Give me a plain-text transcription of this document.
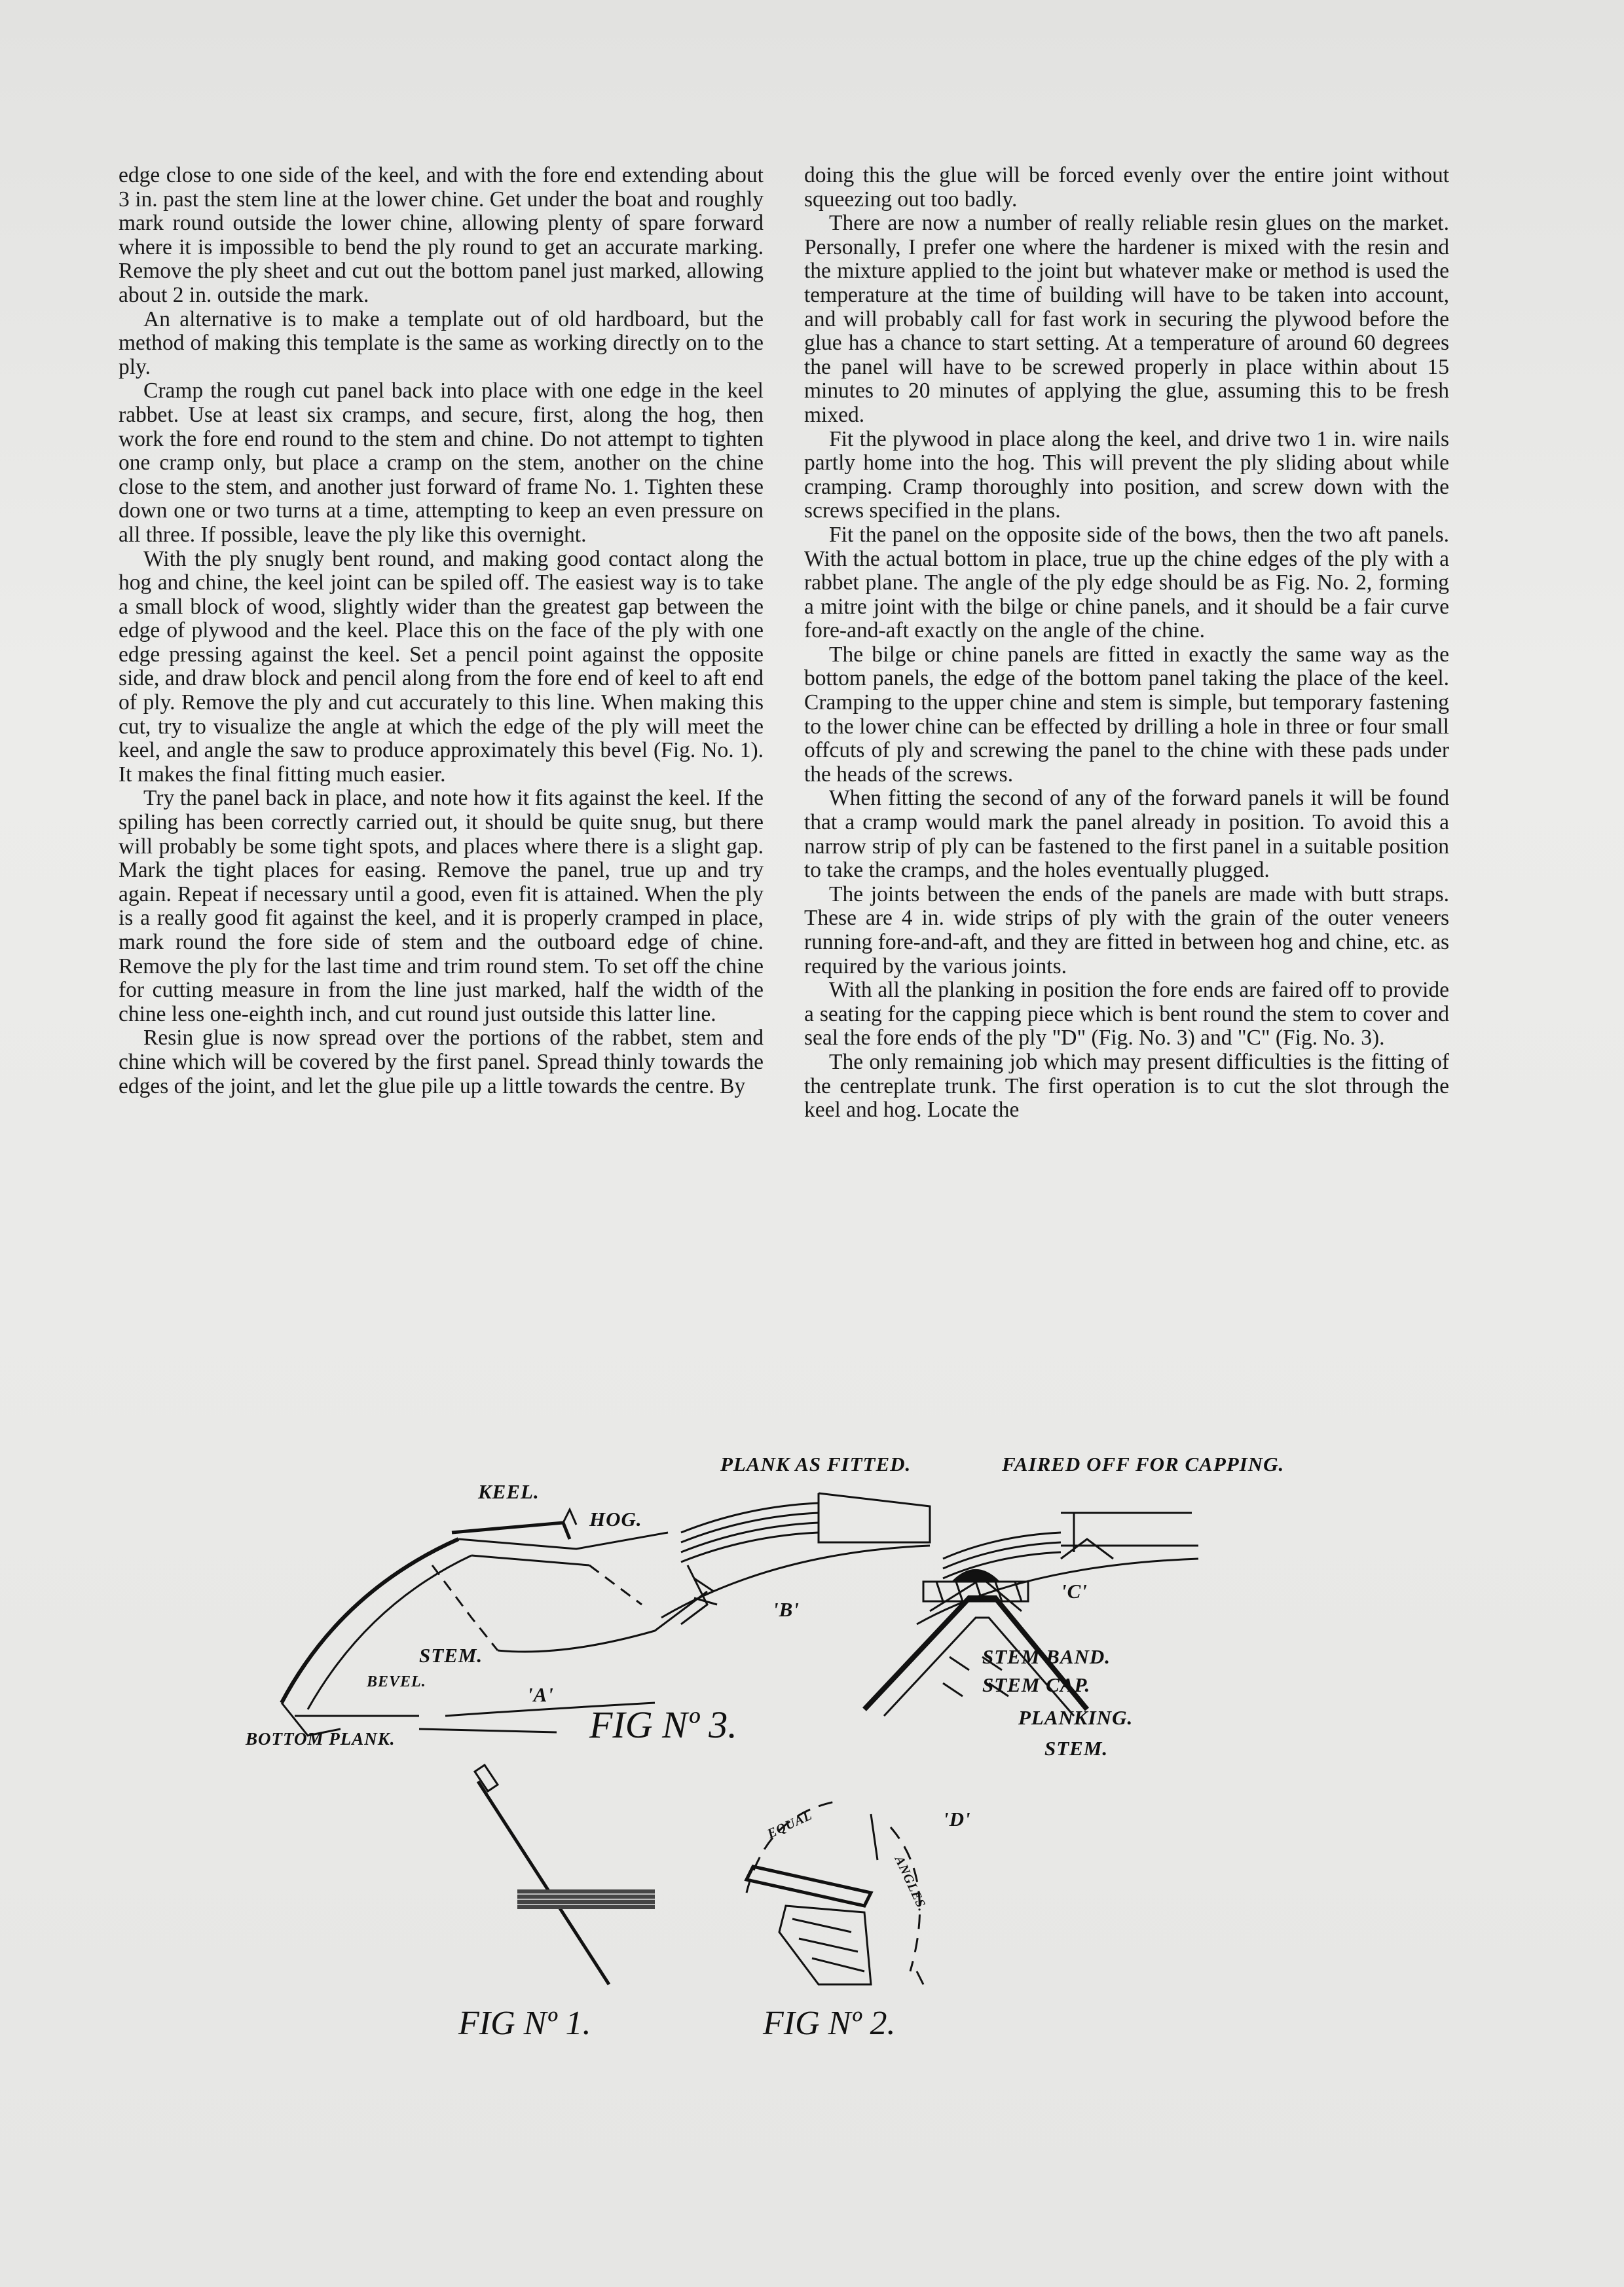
edge close to one side of the keel, and with the fore end extending about 3 in. past the stem line at the lower chine. Get under the boat and roughly mark round outside the lower chine, allowing plenty of spare forward where it is impossible to bend the ply round to get an accurate marking. Remove the ply sheet and cut out the bottom panel just marked, allowing about 2 in. outside the mark.

An alternative is to make a template out of old hardboard, but the method of making this template is the same as working directly on to the ply.

Cramp the rough cut panel back into place with one edge in the keel rabbet. Use at least six cramps, and secure, first, along the hog, then work the fore end round to the stem and chine. Do not attempt to tighten one cramp only, but place a cramp on the stem, another on the chine close to the stem, and another just forward of frame No. 1. Tighten these down one or two turns at a time, attempting to keep an even pressure on all three. If possible, leave the ply like this overnight.

With the ply snugly bent round, and making good contact along the hog and chine, the keel joint can be spiled off. The easiest way is to take a small block of wood, slightly wider than the greatest gap between the edge of plywood and the keel. Place this on the face of the ply with one edge pressing against the keel. Set a pencil point against the opposite side, and draw block and pencil along from the fore end of keel to aft end of ply. Remove the ply and cut accurately to this line. When making this cut, try to visualize the angle at which the edge of the ply will meet the keel, and angle the saw to produce approximately this bevel (Fig. No. 1). It makes the final fitting much easier.

Try the panel back in place, and note how it fits against the keel. If the spiling has been correctly carried out, it should be quite snug, but there will probably be some tight spots, and places where there is a slight gap. Mark the tight places for easing. Remove the panel, true up and try again. Repeat if necessary until a good, even fit is attained. When the ply is a really good fit against the keel, and it is properly cramped in place, mark round the fore side of stem and the outboard edge of chine. Remove the ply for the last time and trim round stem. To set off the chine for cutting measure in from the line just marked, half the width of the chine less one-eighth inch, and cut round just outside this latter line.

Resin glue is now spread over the portions of the rabbet, stem and chine which will be covered by the first panel. Spread thinly towards the edges of the joint, and let the glue pile up a little towards the centre. By

doing this the glue will be forced evenly over the entire joint without squeezing out too badly.

There are now a number of really reliable resin glues on the market. Personally, I prefer one where the hardener is mixed with the resin and the mixture applied to the joint but whatever make or method is used the temperature at the time of building will have to be taken into account, and will probably call for fast work in securing the plywood before the glue has a chance to start setting. At a temperature of around 60 degrees the panel will have to be screwed properly in place within about 15 minutes to 20 minutes of applying the glue, assuming this to be fresh mixed.

Fit the plywood in place along the keel, and drive two 1 in. wire nails partly home into the hog. This will prevent the ply sliding about while cramping. Cramp thoroughly into position, and screw down with the screws specified in the plans.

Fit the panel on the opposite side of the bows, then the two aft panels. With the actual bottom in place, true up the chine edges of the ply with a rabbet plane. The angle of the ply edge should be as Fig. No. 2, forming a mitre joint with the bilge or chine panels, and it should be a fair curve fore-and-aft exactly on the angle of the chine.

The bilge or chine panels are fitted in exactly the same way as the bottom panels, the edge of the bottom panel taking the place of the keel. Cramping to the upper chine and stem is simple, but temporary fastening to the lower chine can be effected by drilling a hole in three or four small offcuts of ply and screwing the panel to the chine with these pads under the heads of the screws.

When fitting the second of any of the forward panels it will be found that a cramp would mark the panel already in position. To avoid this a narrow strip of ply can be fastened to the first panel in a suitable position to take the cramps, and the holes eventually plugged.

The joints between the ends of the panels are made with butt straps. These are 4 in. wide strips of ply with the grain of the outer veneers running fore-and-aft, and they are fitted in between hog and chine, etc. as required by the various joints.

With all the planking in position the fore ends are faired off to provide a seating for the capping piece which is bent round the stem to cover and seal the fore ends of the ply "D" (Fig. No. 3) and "C" (Fig. No. 3).

The only remaining job which may present difficulties is the fitting of the centreplate trunk. The first operation is to cut the slot through the keel and hog. Locate the

PLANK AS FITTED.	FAIRED OFF FOR CAPPING.
KEEL.
HOG.
'B'
'C'
STEM.
BEVEL.
'A'
BOTTOM PLANK.
STEM BAND.
STEM CAP.
PLANKING.
STEM.
'D'
EQUAL
ANGLES.
FIG Nº 3.
FIG Nº 1.	FIG Nº 2.
